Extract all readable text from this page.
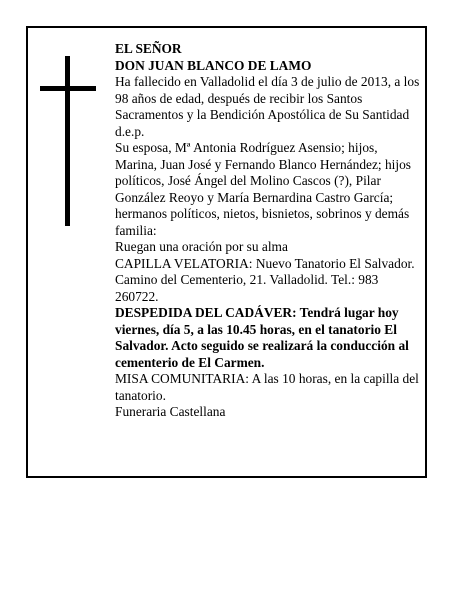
EL SEÑOR

DON JUAN BLANCO DE LAMO

Ha fallecido en Valladolid el día 3 de julio de 2013, a los 98 años de edad, después de recibir los Santos Sacramentos y la Bendición Apostólica de Su Santidad d.e.p.

Su esposa, Mª Antonia Rodríguez Asensio; hijos, Marina, Juan José y Fernando Blanco Hernández; hijos políticos, José Ángel del Molino Cascos (?), Pilar González Reoyo y María Bernardina Castro García; hermanos políticos, nietos, bisnietos, sobrinos y demás familia:

Ruegan una oración por su alma

CAPILLA VELATORIA: Nuevo Tanatorio El Salvador. Camino del Cementerio, 21. Valladolid. Tel.: 983 260722.

DESPEDIDA DEL CADÁVER: Tendrá lugar hoy viernes, día 5, a las 10.45 horas, en el tanatorio El Salvador. Acto seguido se realizará la conducción al cementerio de El Carmen.

MISA COMUNITARIA: A las 10 horas, en la capilla del tanatorio.

Funeraria Castellana
